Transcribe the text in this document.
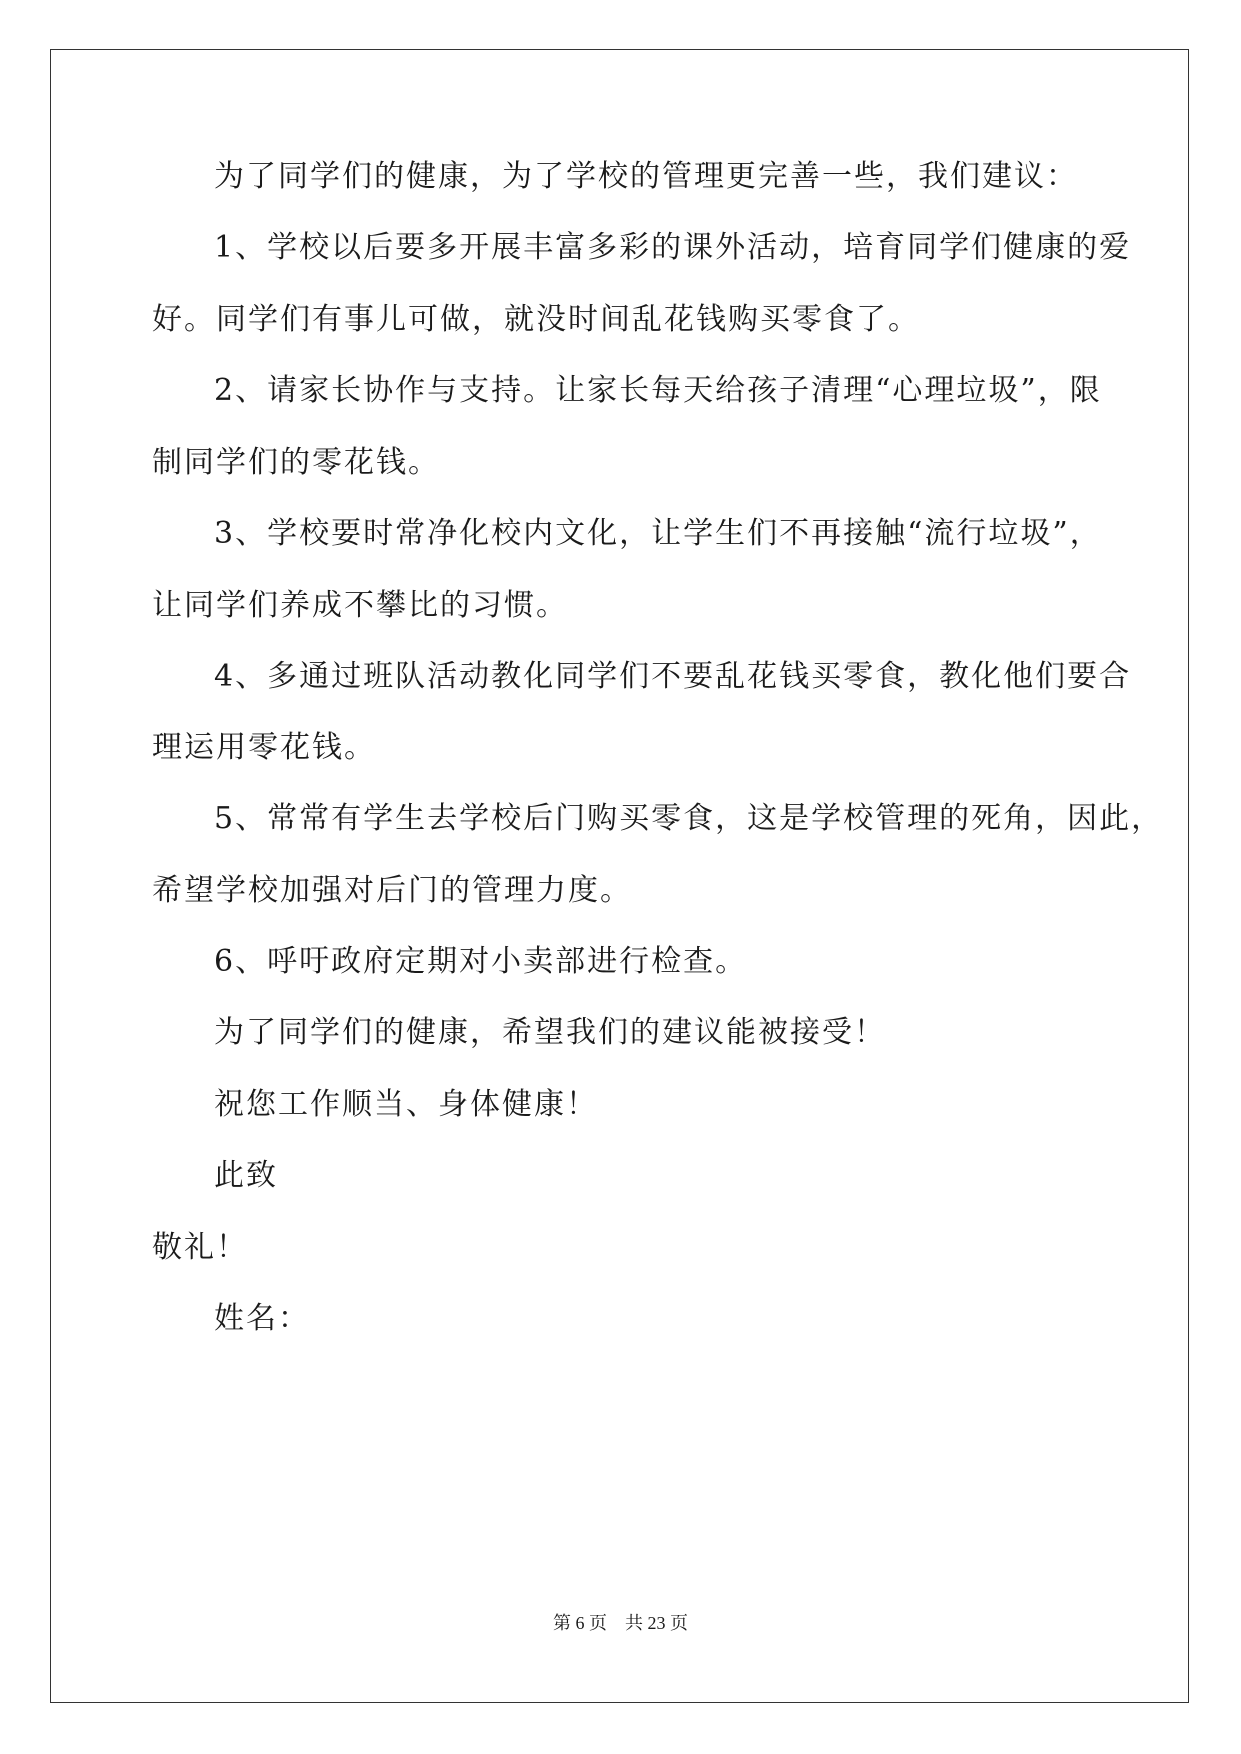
为了同学们的健康，为了学校的管理更完善一些，我们建议：
1、学校以后要多开展丰富多彩的课外活动，培育同学们健康的爱
好。同学们有事儿可做，就没时间乱花钱购买零食了。
2、请家长协作与支持。让家长每天给孩子清理“心理垃圾”，限
制同学们的零花钱。
3、学校要时常净化校内文化，让学生们不再接触“流行垃圾”，
让同学们养成不攀比的习惯。
4、多通过班队活动教化同学们不要乱花钱买零食，教化他们要合
理运用零花钱。
5、常常有学生去学校后门购买零食，这是学校管理的死角，因此，
希望学校加强对后门的管理力度。
6、呼吁政府定期对小卖部进行检查。
为了同学们的健康，希望我们的建议能被接受！
祝您工作顺当、身体健康！
此致
敬礼！
姓名：
第 6 页    共 23 页
